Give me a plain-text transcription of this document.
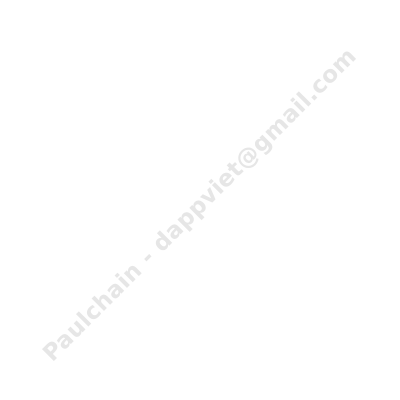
Paulchain - dappviet@gmail.com
